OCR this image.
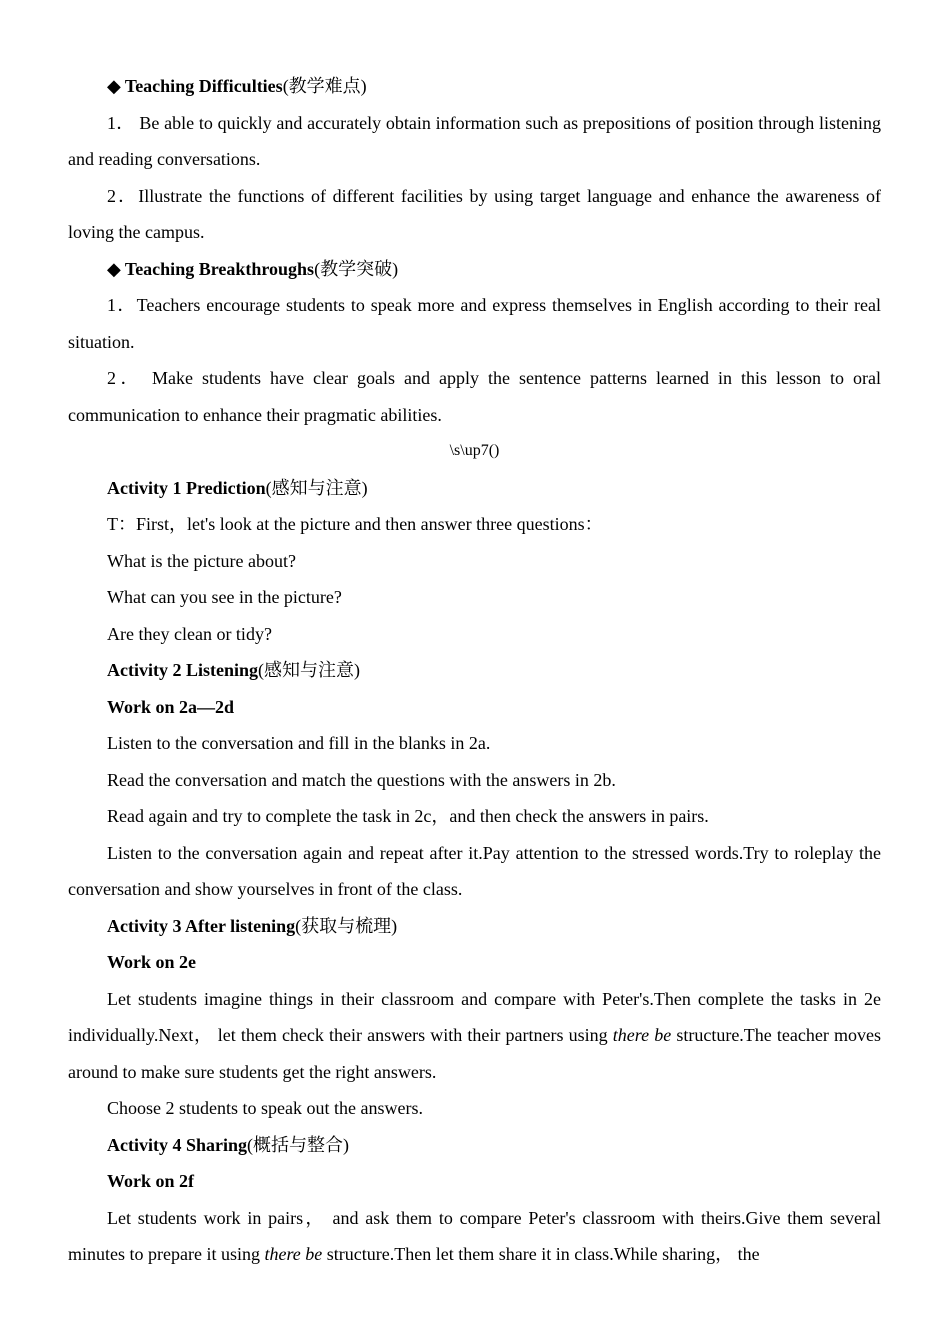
◆ Teaching Difficulties(教学难点)

1． Be able to quickly and accurately obtain information such as prepositions of position through listening and reading conversations.

2．Illustrate the functions of different facilities by using target language and enhance the awareness of loving the campus.

◆ Teaching Breakthroughs(教学突破)

1．Teachers encourage students to speak more and express themselves in English according to their real situation.

2． Make students have clear goals and apply the sentence patterns learned in this lesson to oral communication to enhance their pragmatic abilities.

\s\up7()

Activity 1 Prediction(感知与注意)

T：First，let's look at the picture and then answer three questions：

What is the picture about?

What can you see in the picture?

Are they clean or tidy?

Activity 2 Listening(感知与注意)

Work on 2a—2d

Listen to the conversation and fill in the blanks in 2a.

Read the conversation and match the questions with the answers in 2b.

Read again and try to complete the task in 2c，and then check the answers in pairs.

Listen to the conversation again and repeat after it.Pay attention to the stressed words.Try to roleplay the conversation and show yourselves in front of the class.

Activity 3 After listening(获取与梳理)

Work on 2e

Let students imagine things in their classroom and compare with Peter's.Then complete the tasks in 2e individually.Next， let them check their answers with their partners using there be structure.The teacher moves around to make sure students get the right answers.

Choose 2 students to speak out the answers.

Activity 4 Sharing(概括与整合)

Work on 2f

Let students work in pairs， and ask them to compare Peter's classroom with theirs.Give them several minutes to prepare it using there be structure.Then let them share it in class.While sharing， the
